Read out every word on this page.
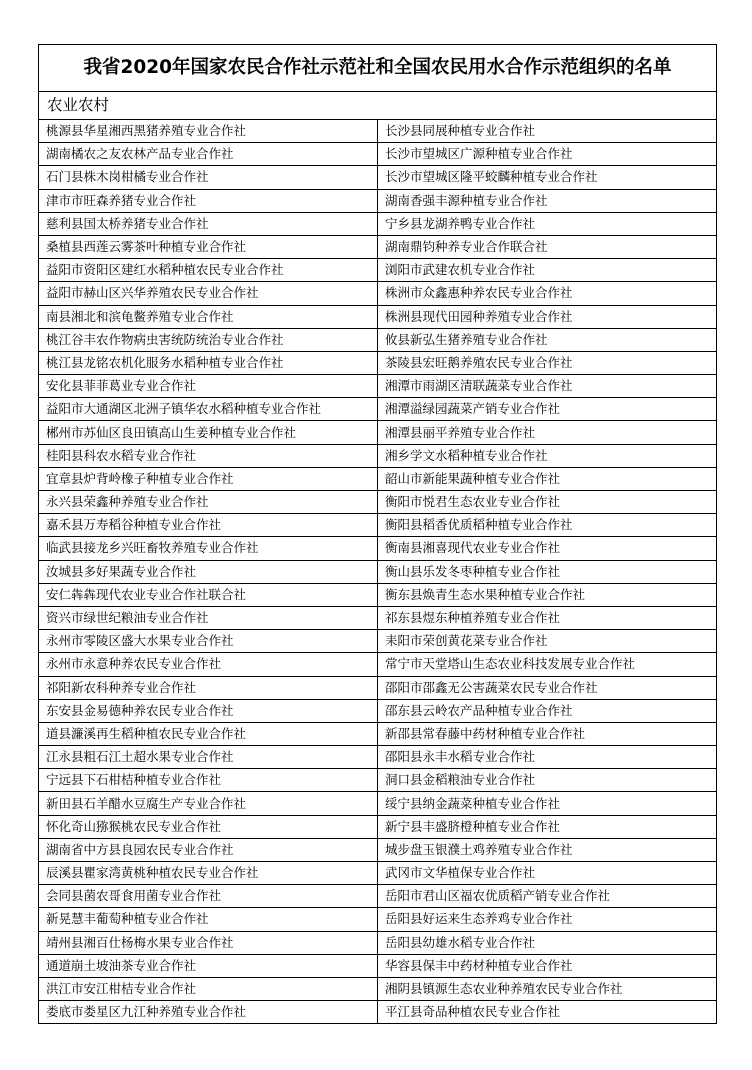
我省2020年国家农民合作社示范社和全国农民用水合作示范组织的名单	
农业农村	
桃源县华星湘西黑猪养殖专业合作社	长沙县同展种植专业合作社
湖南橘农之友农林产品专业合作社	长沙市望城区广源种植专业合作社
石门县株木岗柑橘专业合作社	长沙市望城区隆平蛟麟种植专业合作社
津市市旺森养猪专业合作社	湖南香强丰源种植专业合作社
慈利县国太桥养猪专业合作社	宁乡县龙湖养鸭专业合作社
桑植县西莲云雾茶叶种植专业合作社	湖南鼎钧种养专业合作联合社
益阳市资阳区建红水稻种植农民专业合作社	浏阳市武建农机专业合作社
益阳市赫山区兴华养殖农民专业合作社	株洲市众鑫惠种养农民专业合作社
南县湘北和滨龟鳖养殖专业合作社	株洲县现代田园种养殖专业合作社
桃江谷丰农作物病虫害统防统治专业合作社	攸县新弘生猪养殖专业合作社
桃江县龙铭农机化服务水稻种植专业合作社	茶陵县宏旺鹅养殖农民专业合作社
安化县菲菲葛业专业合作社	湘潭市雨湖区清联蔬菜专业合作社
益阳市大通湖区北洲子镇华农水稻种植专业合作社	湘潭溢绿园蔬菜产销专业合作社
郴州市苏仙区良田镇高山生姜种植专业合作社	湘潭县丽平养殖专业合作社
桂阳县科农水稻专业合作社	湘乡学文水稻种植专业合作社
宜章县炉背岭橡子种植专业合作社	韶山市新能果蔬种植专业合作社
永兴县荣鑫种养殖专业合作社	衡阳市悦君生态农业专业合作社
嘉禾县万寿稻谷种植专业合作社	衡阳县稻香优质稻种植专业合作社
临武县接龙乡兴旺畜牧养殖专业合作社	衡南县湘喜现代农业专业合作社
汝城县多好果蔬专业合作社	衡山县乐发冬枣种植专业合作社
安仁犇犇现代农业专业合作社联合社	衡东县焕青生态水果种植专业合作社
资兴市绿世纪粮油专业合作社	祁东县煜东种植养殖专业合作社
永州市零陵区盛大水果专业合作社	耒阳市荣创黄花菜专业合作社
永州市永意种养农民专业合作社	常宁市天堂塔山生态农业科技发展专业合作社
祁阳新农科种养专业合作社	邵阳市邵鑫无公害蔬菜农民专业合作社
东安县金易德种养农民专业合作社	邵东县云岭农产品种植专业合作社
道县濂溪再生稻种植农民专业合作社	新邵县常春藤中药材种植专业合作社
江永县粗石江土超水果专业合作社	邵阳县永丰水稻专业合作社
宁远县下石柑桔种植专业合作社	洞口县金稻粮油专业合作社
新田县石羊醋水豆腐生产专业合作社	绥宁县纳金蔬菜种植专业合作社
怀化奇山猕猴桃农民专业合作社	新宁县丰盛脐橙种植专业合作社
湖南省中方县良园农民专业合作社	城步盘玉银濮土鸡养殖专业合作社
辰溪县瞿家湾黄桃种植农民专业合作社	武冈市文华植保专业合作社
会同县菌农哥食用菌专业合作社	岳阳市君山区福农优质稻产销专业合作社
新晃慧丰葡萄种植专业合作社	岳阳县好运来生态养鸡专业合作社
靖州县湘百仕杨梅水果专业合作社	岳阳县幼雄水稻专业合作社
通道崩土坡油茶专业合作社	华容县保丰中药材种植专业合作社
洪江市安江柑桔专业合作社	湘阴县镇源生态农业种养殖农民专业合作社
娄底市娄星区九江种养殖专业合作社	平江县奇品种植农民专业合作社
